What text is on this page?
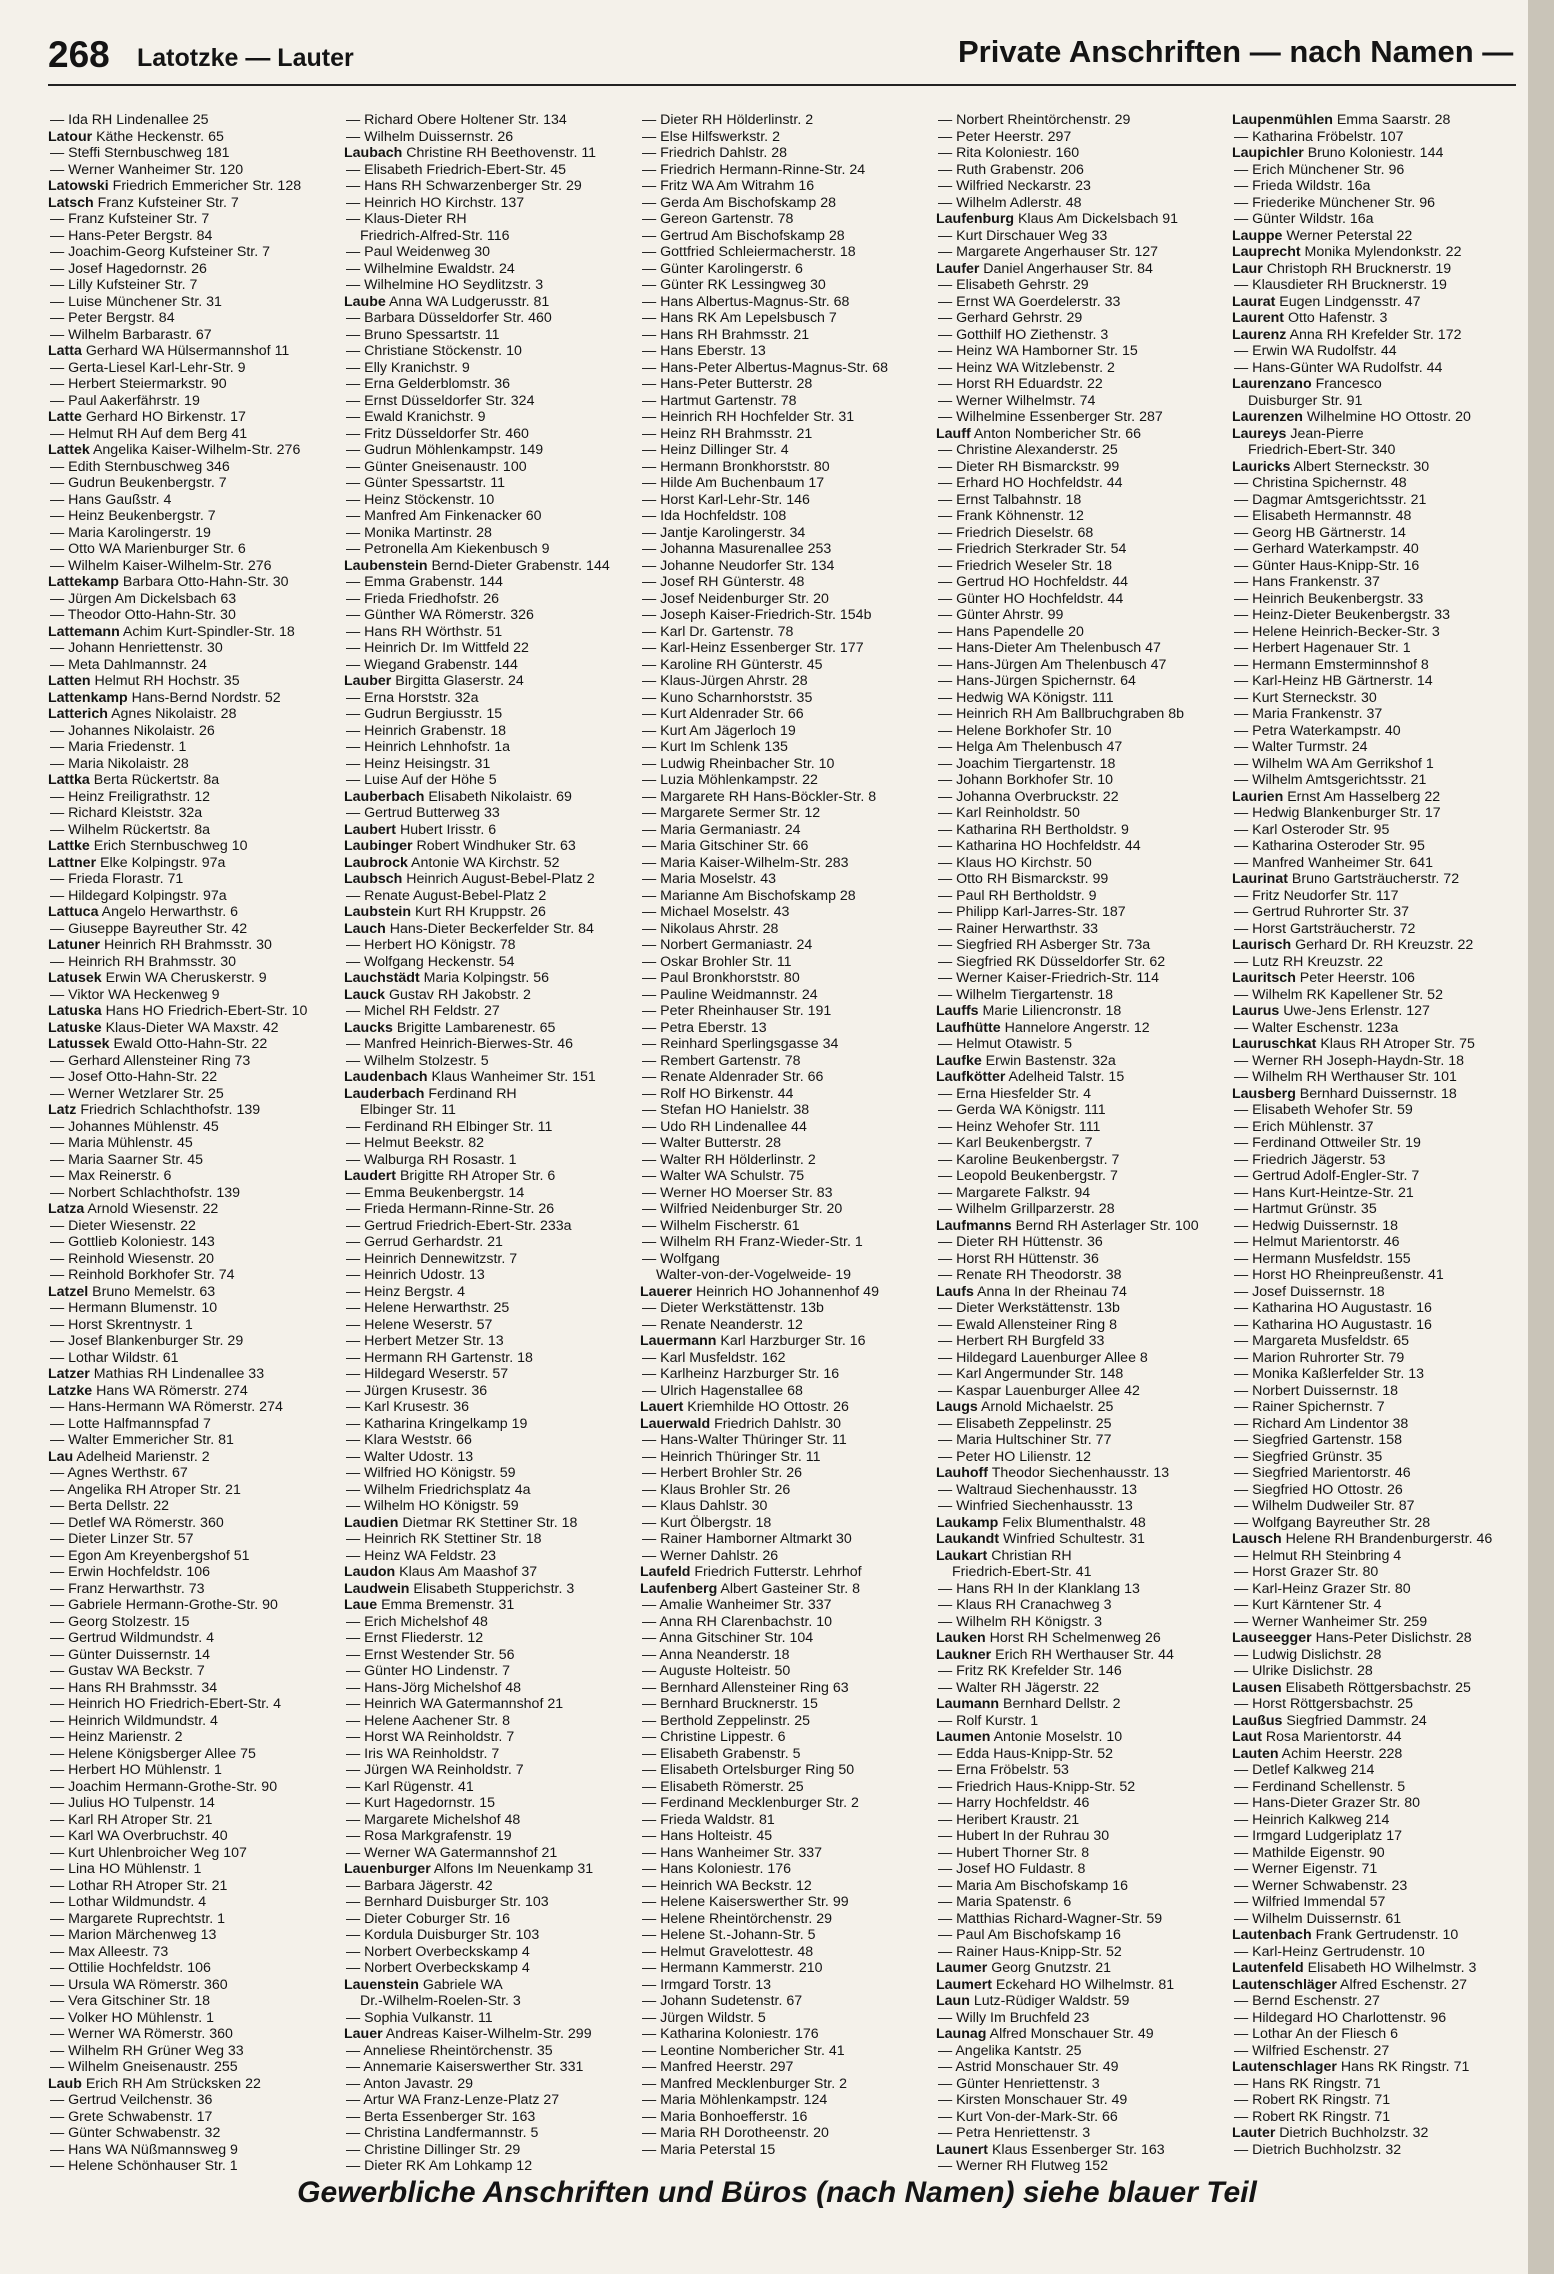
268 Latotzke — Lauter	Private Anschriften — nach Namen —
— Ida RH Lindenallee 25
Latour Käthe Heckenstr. 65
— Steffi Sternbuschweg 181
— Werner Wanheimer Str. 120
Latowski Friedrich Emmericher Str. 128
Latsch Franz Kufsteiner Str. 7
— Franz Kufsteiner Str. 7
— Hans-Peter Bergstr. 84
— Joachim-Georg Kufsteiner Str. 7
— Josef Hagedornstr. 26
— Lilly Kufsteiner Str. 7
— Luise Münchener Str. 31
— Peter Bergstr. 84
— Wilhelm Barbarastr. 67
Latta Gerhard WA Hülsermannshof 11
— Gerta-Liesel Karl-Lehr-Str. 9
— Herbert Steiermarkstr. 90
— Paul Aakerfährstr. 19
Latte Gerhard HO Birkenstr. 17
— Helmut RH Auf dem Berg 41
Lattek Angelika Kaiser-Wilhelm-Str. 276
— Edith Sternbuschweg 346
— Gudrun Beukenbergstr. 7
— Hans Gaußstr. 4
— Heinz Beukenbergstr. 7
— Maria Karolingerstr. 19
— Otto WA Marienburger Str. 6
— Wilhelm Kaiser-Wilhelm-Str. 276
Lattekamp Barbara Otto-Hahn-Str. 30
— Jürgen Am Dickelsbach 63
— Theodor Otto-Hahn-Str. 30
Lattemann Achim Kurt-Spindler-Str. 18
— Johann Henriettenstr. 30
— Meta Dahlmannstr. 24
Latten Helmut RH Hochstr. 35
Lattenkamp Hans-Bernd Nordstr. 52
Latterich Agnes Nikolaistr. 28
— Johannes Nikolaistr. 26
— Maria Friedenstr. 1
— Maria Nikolaistr. 28
Lattka Berta Rückertstr. 8a
— Heinz Freiligrathstr. 12
— Richard Kleiststr. 32a
— Wilhelm Rückertstr. 8a
Lattke Erich Sternbuschweg 10
Lattner Elke Kolpingstr. 97a
— Frieda Florastr. 71
— Hildegard Kolpingstr. 97a
Lattuca Angelo Herwarthstr. 6
— Giuseppe Bayreuther Str. 42
Latuner Heinrich RH Brahmsstr. 30
— Heinrich RH Brahmsstr. 30
Latusek Erwin WA Cheruskerstr. 9
— Viktor WA Heckenweg 9
Latuska Hans HO Friedrich-Ebert-Str. 10
Latuske Klaus-Dieter WA Maxstr. 42
Latussek Ewald Otto-Hahn-Str. 22
— Gerhard Allensteiner Ring 73
— Josef Otto-Hahn-Str. 22
— Werner Wetzlarer Str. 25
Latz Friedrich Schlachthofstr. 139
— Johannes Mühlenstr. 45
— Maria Mühlenstr. 45
— Maria Saarner Str. 45
— Max Reinerstr. 6
— Norbert Schlachthofstr. 139
Latza Arnold Wiesenstr. 22
— Dieter Wiesenstr. 22
— Gottlieb Koloniestr. 143
— Reinhold Wiesenstr. 20
— Reinhold Borkhofer Str. 74
Latzel Bruno Memelstr. 63
— Hermann Blumenstr. 10
— Horst Skrentnystr. 1
— Josef Blankenburger Str. 29
— Lothar Wildstr. 61
Latzer Mathias RH Lindenallee 33
Latzke Hans WA Römerstr. 274
— Hans-Hermann WA Römerstr. 274
— Lotte Halfmannspfad 7
— Walter Emmericher Str. 81
Lau Adelheid Marienstr. 2
— Agnes Werthstr. 67
— Angelika RH Atroper Str. 21
— Berta Dellstr. 22
— Detlef WA Römerstr. 360
— Dieter Linzer Str. 57
— Egon Am Kreyenbergshof 51
— Erwin Hochfeldstr. 106
— Franz Herwarthstr. 73
— Gabriele Hermann-Grothe-Str. 90
— Georg Stolzestr. 15
— Gertrud Wildmundstr. 4
— Günter Duissernstr. 14
— Gustav WA Beckstr. 7
— Hans RH Brahmsstr. 34
— Heinrich HO Friedrich-Ebert-Str. 4
— Heinrich Wildmundstr. 4
— Heinz Marienstr. 2
— Helene Königsberger Allee 75
— Herbert HO Mühlenstr. 1
— Joachim Hermann-Grothe-Str. 90
— Julius HO Tulpenstr. 14
— Karl RH Atroper Str. 21
— Karl WA Overbruchstr. 40
— Kurt Uhlenbroicher Weg 107
— Lina HO Mühlenstr. 1
— Lothar RH Atroper Str. 21
— Lothar Wildmundstr. 4
— Margarete Ruprechtstr. 1
— Marion Märchenweg 13
— Max Alleestr. 73
— Ottilie Hochfeldstr. 106
— Ursula WA Römerstr. 360
— Vera Gitschiner Str. 18
— Volker HO Mühlenstr. 1
— Werner WA Römerstr. 360
— Wilhelm RH Grüner Weg 33
— Wilhelm Gneisenaustr. 255
Laub Erich RH Am Strücksken 22
— Gertrud Veilchenstr. 36
— Grete Schwabenstr. 17
— Günter Schwabenstr. 32
— Hans WA Nüßmannsweg 9
— Helene Schönhauser Str. 1
— Richard Obere Holtener Str. 134
— Wilhelm Duissernstr. 26
Laubach Christine RH Beethovenstr. 11
— Elisabeth Friedrich-Ebert-Str. 45
— Hans RH Schwarzenberger Str. 29
— Heinrich HO Kirchstr. 137
— Klaus-Dieter RH
Friedrich-Alfred-Str. 116
— Paul Weidenweg 30
— Wilhelmine Ewaldstr. 24
— Wilhelmine HO Seydlitzstr. 3
Laube Anna WA Ludgerusstr. 81
— Barbara Düsseldorfer Str. 460
— Bruno Spessartstr. 11
— Christiane Stöckenstr. 10
— Elly Kranichstr. 9
— Erna Gelderblomstr. 36
— Ernst Düsseldorfer Str. 324
— Ewald Kranichstr. 9
— Fritz Düsseldorfer Str. 460
— Gudrun Möhlenkampstr. 149
— Günter Gneisenaustr. 100
— Günter Spessartstr. 11
— Heinz Stöckenstr. 10
— Manfred Am Finkenacker 60
— Monika Martinstr. 28
— Petronella Am Kiekenbusch 9
Laubenstein Bernd-Dieter Grabenstr. 144
— Emma Grabenstr. 144
— Frieda Friedhofstr. 26
— Günther WA Römerstr. 326
— Hans RH Wörthstr. 51
— Heinrich Dr. Im Wittfeld 22
— Wiegand Grabenstr. 144
Lauber Birgitta Glaserstr. 24
— Erna Horststr. 32a
— Gudrun Bergiusstr. 15
— Heinrich Grabenstr. 18
— Heinrich Lehnhofstr. 1a
— Heinz Heisingstr. 31
— Luise Auf der Höhe 5
Lauberbach Elisabeth Nikolaistr. 69
— Gertrud Butterweg 33
Laubert Hubert Irisstr. 6
Laubinger Robert Windhuker Str. 63
Laubrock Antonie WA Kirchstr. 52
Laubsch Heinrich August-Bebel-Platz 2
— Renate August-Bebel-Platz 2
Laubstein Kurt RH Kruppstr. 26
Lauch Hans-Dieter Beckerfelder Str. 84
— Herbert HO Königstr. 78
— Wolfgang Heckenstr. 54
Lauchstädt Maria Kolpingstr. 56
Lauck Gustav RH Jakobstr. 2
— Michel RH Feldstr. 27
Laucks Brigitte Lambarenestr. 65
— Manfred Heinrich-Bierwes-Str. 46
— Wilhelm Stolzestr. 5
Laudenbach Klaus Wanheimer Str. 151
Lauderbach Ferdinand RH
Elbinger Str. 11
— Ferdinand RH Elbinger Str. 11
— Helmut Beekstr. 82
— Walburga RH Rosastr. 1
Laudert Brigitte RH Atroper Str. 6
— Emma Beukenbergstr. 14
— Frieda Hermann-Rinne-Str. 26
— Gertrud Friedrich-Ebert-Str. 233a
— Gerrud Gerhardstr. 21
— Heinrich Dennewitzstr. 7
— Heinrich Udostr. 13
— Heinz Bergstr. 4
— Helene Herwarthstr. 25
— Helene Weserstr. 57
— Herbert Metzer Str. 13
— Hermann RH Gartenstr. 18
— Hildegard Weserstr. 57
— Jürgen Krusestr. 36
— Karl Krusestr. 36
— Katharina Kringelkamp 19
— Klara Weststr. 66
— Walter Udostr. 13
— Wilfried HO Königstr. 59
— Wilhelm Friedrichsplatz 4a
— Wilhelm HO Königstr. 59
Laudien Dietmar RK Stettiner Str. 18
— Heinrich RK Stettiner Str. 18
— Heinz WA Feldstr. 23
Laudon Klaus Am Maashof 37
Laudwein Elisabeth Stupperichstr. 3
Laue Emma Bremenstr. 31
— Erich Michelshof 48
— Ernst Fliederstr. 12
— Ernst Westender Str. 56
— Günter HO Lindenstr. 7
— Hans-Jörg Michelshof 48
— Heinrich WA Gatermannshof 21
— Helene Aachener Str. 8
— Horst WA Reinholdstr. 7
— Iris WA Reinholdstr. 7
— Jürgen WA Reinholdstr. 7
— Karl Rügenstr. 41
— Kurt Hagedornstr. 15
— Margarete Michelshof 48
— Rosa Markgrafenstr. 19
— Werner WA Gatermannshof 21
Lauenburger Alfons Im Neuenkamp 31
— Barbara Jägerstr. 42
— Bernhard Duisburger Str. 103
— Dieter Coburger Str. 16
— Kordula Duisburger Str. 103
— Norbert Overbeckskamp 4
— Norbert Overbeckskamp 4
Lauenstein Gabriele WA
Dr.-Wilhelm-Roelen-Str. 3
— Sophia Vulkanstr. 11
Lauer Andreas Kaiser-Wilhelm-Str. 299
— Anneliese Rheintörchenstr. 35
— Annemarie Kaiserswerther Str. 331
— Anton Javastr. 29
— Artur WA Franz-Lenze-Platz 27
— Berta Essenberger Str. 163
— Christina Landfermannstr. 5
— Christine Dillinger Str. 29
— Dieter RK Am Lohkamp 12
— Dieter RH Hölderlinstr. 2
— Else Hilfswerkstr. 2
— Friedrich Dahlstr. 28
— Friedrich Hermann-Rinne-Str. 24
— Fritz WA Am Witrahm 16
— Gerda Am Bischofskamp 28
— Gereon Gartenstr. 78
— Gertrud Am Bischofskamp 28
— Gottfried Schleiermacherstr. 18
— Günter Karolingerstr. 6
— Günter RK Lessingweg 30
— Hans Albertus-Magnus-Str. 68
— Hans RK Am Lepelsbusch 7
— Hans RH Brahmsstr. 21
— Hans Eberstr. 13
— Hans-Peter Albertus-Magnus-Str. 68
— Hans-Peter Butterstr. 28
— Hartmut Gartenstr. 78
— Heinrich RH Hochfelder Str. 31
— Heinz RH Brahmsstr. 21
— Heinz Dillinger Str. 4
— Hermann Bronkhorststr. 80
— Hilde Am Buchenbaum 17
— Horst Karl-Lehr-Str. 146
— Ida Hochfeldstr. 108
— Jantje Karolingerstr. 34
— Johanna Masurenallee 253
— Johanne Neudorfer Str. 134
— Josef RH Günterstr. 48
— Josef Neidenburger Str. 20
— Joseph Kaiser-Friedrich-Str. 154b
— Karl Dr. Gartenstr. 78
— Karl-Heinz Essenberger Str. 177
— Karoline RH Günterstr. 45
— Klaus-Jürgen Ahrstr. 28
— Kuno Scharnhorststr. 35
— Kurt Aldenrader Str. 66
— Kurt Am Jägerloch 19
— Kurt Im Schlenk 135
— Ludwig Rheinbacher Str. 10
— Luzia Möhlenkampstr. 22
— Margarete RH Hans-Böckler-Str. 8
— Margarete Sermer Str. 12
— Maria Germaniastr. 24
— Maria Gitschiner Str. 66
— Maria Kaiser-Wilhelm-Str. 283
— Maria Moselstr. 43
— Marianne Am Bischofskamp 28
— Michael Moselstr. 43
— Nikolaus Ahrstr. 28
— Norbert Germaniastr. 24
— Oskar Brohler Str. 11
— Paul Bronkhorststr. 80
— Pauline Weidmannstr. 24
— Peter Rheinhauser Str. 191
— Petra Eberstr. 13
— Reinhard Sperlingsgasse 34
— Rembert Gartenstr. 78
— Renate Aldenrader Str. 66
— Rolf HO Birkenstr. 44
— Stefan HO Hanielstr. 38
— Udo RH Lindenallee 44
— Walter Butterstr. 28
— Walter RH Hölderlinstr. 2
— Walter WA Schulstr. 75
— Werner HO Moerser Str. 83
— Wilfried Neidenburger Str. 20
— Wilhelm Fischerstr. 61
— Wilhelm RH Franz-Wieder-Str. 1
— Wolfgang
Walter-von-der-Vogelweide- 19
Lauerer Heinrich HO Johannenhof 49
— Dieter Werkstättenstr. 13b
— Renate Neanderstr. 12
Lauermann Karl Harzburger Str. 16
— Karl Musfeldstr. 162
— Karlheinz Harzburger Str. 16
— Ulrich Hagenstallee 68
Lauert Kriemhilde HO Ottostr. 26
Lauerwald Friedrich Dahlstr. 30
— Hans-Walter Thüringer Str. 11
— Heinrich Thüringer Str. 11
— Herbert Brohler Str. 26
— Klaus Brohler Str. 26
— Klaus Dahlstr. 30
— Kurt Ölbergstr. 18
— Rainer Hamborner Altmarkt 30
— Werner Dahlstr. 26
Laufeld Friedrich Futterstr. Lehrhof
Laufenberg Albert Gasteiner Str. 8
— Amalie Wanheimer Str. 337
— Anna RH Clarenbachstr. 10
— Anna Gitschiner Str. 104
— Anna Neanderstr. 18
— Auguste Holteistr. 50
— Bernhard Allensteiner Ring 63
— Bernhard Brucknerstr. 15
— Berthold Zeppelinstr. 25
— Christine Lippestr. 6
— Elisabeth Grabenstr. 5
— Elisabeth Ortelsburger Ring 50
— Elisabeth Römerstr. 25
— Ferdinand Mecklenburger Str. 2
— Frieda Waldstr. 81
— Hans Holteistr. 45
— Hans Wanheimer Str. 337
— Hans Koloniestr. 176
— Heinrich WA Beckstr. 12
— Helene Kaiserswerther Str. 99
— Helene Rheintörchenstr. 29
— Helene St.-Johann-Str. 5
— Helmut Gravelottestr. 48
— Hermann Kammerstr. 210
— Irmgard Torstr. 13
— Johann Sudetenstr. 67
— Jürgen Wildstr. 5
— Katharina Koloniestr. 176
— Leontine Nombericher Str. 41
— Manfred Heerstr. 297
— Manfred Mecklenburger Str. 2
— Maria Möhlenkampstr. 124
— Maria Bonhoefferstr. 16
— Maria RH Dorotheenstr. 20
— Maria Peterstal 15
— Norbert Rheintörchenstr. 29
— Peter Heerstr. 297
— Rita Koloniestr. 160
— Ruth Grabenstr. 206
— Wilfried Neckarstr. 23
— Wilhelm Adlerstr. 48
Laufenburg Klaus Am Dickelsbach 91
— Kurt Dirschauer Weg 33
— Margarete Angerhauser Str. 127
Laufer Daniel Angerhauser Str. 84
— Elisabeth Gehrstr. 29
— Ernst WA Goerdelerstr. 33
— Gerhard Gehrstr. 29
— Gotthilf HO Ziethenstr. 3
— Heinz WA Hamborner Str. 15
— Heinz WA Witzlebenstr. 2
— Horst RH Eduardstr. 22
— Werner Wilhelmstr. 74
— Wilhelmine Essenberger Str. 287
Lauff Anton Nombericher Str. 66
— Christine Alexanderstr. 25
— Dieter RH Bismarckstr. 99
— Erhard HO Hochfeldstr. 44
— Ernst Talbahnstr. 18
— Frank Köhnenstr. 12
— Friedrich Dieselstr. 68
— Friedrich Sterkrader Str. 54
— Friedrich Weseler Str. 18
— Gertrud HO Hochfeldstr. 44
— Günter HO Hochfeldstr. 44
— Günter Ahrstr. 99
— Hans Papendelle 20
— Hans-Dieter Am Thelenbusch 47
— Hans-Jürgen Am Thelenbusch 47
— Hans-Jürgen Spichernstr. 64
— Hedwig WA Königstr. 111
— Heinrich RH Am Ballbruchgraben 8b
— Helene Borkhofer Str. 10
— Helga Am Thelenbusch 47
— Joachim Tiergartenstr. 18
— Johann Borkhofer Str. 10
— Johanna Overbruckstr. 22
— Karl Reinholdstr. 50
— Katharina RH Bertholdstr. 9
— Katharina HO Hochfeldstr. 44
— Klaus HO Kirchstr. 50
— Otto RH Bismarckstr. 99
— Paul RH Bertholdstr. 9
— Philipp Karl-Jarres-Str. 187
— Rainer Herwarthstr. 33
— Siegfried RH Asberger Str. 73a
— Siegfried RK Düsseldorfer Str. 62
— Werner Kaiser-Friedrich-Str. 114
— Wilhelm Tiergartenstr. 18
Lauffs Marie Liliencronstr. 18
Laufhütte Hannelore Angerstr. 12
— Helmut Otawistr. 5
Laufke Erwin Bastenstr. 32a
Laufkötter Adelheid Talstr. 15
— Erna Hiesfelder Str. 4
— Gerda WA Königstr. 111
— Heinz Wehofer Str. 111
— Karl Beukenbergstr. 7
— Karoline Beukenbergstr. 7
— Leopold Beukenbergstr. 7
— Margarete Falkstr. 94
— Wilhelm Grillparzerstr. 28
Laufmanns Bernd RH Asterlager Str. 100
— Dieter RH Hüttenstr. 36
— Horst RH Hüttenstr. 36
— Renate RH Theodorstr. 38
Laufs Anna In der Rheinau 74
— Dieter Werkstättenstr. 13b
— Ewald Allensteiner Ring 8
— Herbert RH Burgfeld 33
— Hildegard Lauenburger Allee 8
— Karl Angermunder Str. 148
— Kaspar Lauenburger Allee 42
Laugs Arnold Michaelstr. 25
— Elisabeth Zeppelinstr. 25
— Maria Hultschiner Str. 77
— Peter HO Lilienstr. 12
Lauhoff Theodor Siechenhausstr. 13
— Waltraud Siechenhausstr. 13
— Winfried Siechenhausstr. 13
Laukamp Felix Blumenthalstr. 48
Laukandt Winfried Schultestr. 31
Laukart Christian RH
Friedrich-Ebert-Str. 41
— Hans RH In der Klanklang 13
— Klaus RH Cranachweg 3
— Wilhelm RH Königstr. 3
Lauken Horst RH Schelmenweg 26
Laukner Erich RH Werthauser Str. 44
— Fritz RK Krefelder Str. 146
— Walter RH Jägerstr. 22
Laumann Bernhard Dellstr. 2
— Rolf Kurstr. 1
Laumen Antonie Moselstr. 10
— Edda Haus-Knipp-Str. 52
— Erna Fröbelstr. 53
— Friedrich Haus-Knipp-Str. 52
— Harry Hochfeldstr. 46
— Heribert Kraustr. 21
— Hubert In der Ruhrau 30
— Hubert Thorner Str. 8
— Josef HO Fuldastr. 8
— Maria Am Bischofskamp 16
— Maria Spatenstr. 6
— Matthias Richard-Wagner-Str. 59
— Paul Am Bischofskamp 16
— Rainer Haus-Knipp-Str. 52
Laumer Georg Gnutzstr. 21
Laumert Eckehard HO Wilhelmstr. 81
Laun Lutz-Rüdiger Waldstr. 59
— Willy Im Bruchfeld 23
Launag Alfred Monschauer Str. 49
— Angelika Kantstr. 25
— Astrid Monschauer Str. 49
— Günter Henriettenstr. 3
— Kirsten Monschauer Str. 49
— Kurt Von-der-Mark-Str. 66
— Petra Henriettenstr. 3
Launert Klaus Essenberger Str. 163
— Werner RH Flutweg 152
Laupenmühlen Emma Saarstr. 28
— Katharina Fröbelstr. 107
Laupichler Bruno Koloniestr. 144
— Erich Münchener Str. 96
— Frieda Wildstr. 16a
— Friederike Münchener Str. 96
— Günter Wildstr. 16a
Lauppe Werner Peterstal 22
Lauprecht Monika Mylendonkstr. 22
Laur Christoph RH Brucknerstr. 19
— Klausdieter RH Brucknerstr. 19
Laurat Eugen Lindgensstr. 47
Laurent Otto Hafenstr. 3
Laurenz Anna RH Krefelder Str. 172
— Erwin WA Rudolfstr. 44
— Hans-Günter WA Rudolfstr. 44
Laurenzano Francesco
Duisburger Str. 91
Laurenzen Wilhelmine HO Ottostr. 20
Laureys Jean-Pierre
Friedrich-Ebert-Str. 340
Lauricks Albert Sterneckstr. 30
— Christina Spichernstr. 48
— Dagmar Amtsgerichtsstr. 21
— Elisabeth Hermannstr. 48
— Georg HB Gärtnerstr. 14
— Gerhard Waterkampstr. 40
— Günter Haus-Knipp-Str. 16
— Hans Frankenstr. 37
— Heinrich Beukenbergstr. 33
— Heinz-Dieter Beukenbergstr. 33
— Helene Heinrich-Becker-Str. 3
— Herbert Hagenauer Str. 1
— Hermann Emsterminnshof 8
— Karl-Heinz HB Gärtnerstr. 14
— Kurt Sterneckstr. 30
— Maria Frankenstr. 37
— Petra Waterkampstr. 40
— Walter Turmstr. 24
— Wilhelm WA Am Gerrikshof 1
— Wilhelm Amtsgerichtsstr. 21
Laurien Ernst Am Hasselberg 22
— Hedwig Blankenburger Str. 17
— Karl Osteroder Str. 95
— Katharina Osteroder Str. 95
— Manfred Wanheimer Str. 641
Laurinat Bruno Gartsträucherstr. 72
— Fritz Neudorfer Str. 117
— Gertrud Ruhrorter Str. 37
— Horst Gartsträucherstr. 72
Laurisch Gerhard Dr. RH Kreuzstr. 22
— Lutz RH Kreuzstr. 22
Lauritsch Peter Heerstr. 106
— Wilhelm RK Kapellener Str. 52
Laurus Uwe-Jens Erlenstr. 127
— Walter Eschenstr. 123a
Lauruschkat Klaus RH Atroper Str. 75
— Werner RH Joseph-Haydn-Str. 18
— Wilhelm RH Werthauser Str. 101
Lausberg Bernhard Duissernstr. 18
— Elisabeth Wehofer Str. 59
— Erich Mühlenstr. 37
— Ferdinand Ottweiler Str. 19
— Friedrich Jägerstr. 53
— Gertrud Adolf-Engler-Str. 7
— Hans Kurt-Heintze-Str. 21
— Hartmut Grünstr. 35
— Hedwig Duissernstr. 18
— Helmut Marientorstr. 46
— Hermann Musfeldstr. 155
— Horst HO Rheinpreußenstr. 41
— Josef Duissernstr. 18
— Katharina HO Augustastr. 16
— Katharina HO Augustastr. 16
— Margareta Musfeldstr. 65
— Marion Ruhrorter Str. 79
— Monika Kaßlerfelder Str. 13
— Norbert Duissernstr. 18
— Rainer Spichernstr. 7
— Richard Am Lindentor 38
— Siegfried Gartenstr. 158
— Siegfried Grünstr. 35
— Siegfried Marientorstr. 46
— Siegfried HO Ottostr. 26
— Wilhelm Dudweiler Str. 87
— Wolfgang Bayreuther Str. 28
Lausch Helene RH Brandenburgerstr. 46
— Helmut RH Steinbring 4
— Horst Grazer Str. 80
— Karl-Heinz Grazer Str. 80
— Kurt Kärntener Str. 4
— Werner Wanheimer Str. 259
Lauseegger Hans-Peter Dislichstr. 28
— Ludwig Dislichstr. 28
— Ulrike Dislichstr. 28
Lausen Elisabeth Röttgersbachstr. 25
— Horst Röttgersbachstr. 25
Laußus Siegfried Dammstr. 24
Laut Rosa Marientorstr. 44
Lauten Achim Heerstr. 228
— Detlef Kalkweg 214
— Ferdinand Schellenstr. 5
— Hans-Dieter Grazer Str. 80
— Heinrich Kalkweg 214
— Irmgard Ludgeriplatz 17
— Mathilde Eigenstr. 90
— Werner Eigenstr. 71
— Werner Schwabenstr. 23
— Wilfried Immendal 57
— Wilhelm Duissernstr. 61
Lautenbach Frank Gertrudenstr. 10
— Karl-Heinz Gertrudenstr. 10
Lautenfeld Elisabeth HO Wilhelmstr. 3
Lautenschläger Alfred Eschenstr. 27
— Bernd Eschenstr. 27
— Hildegard HO Charlottenstr. 96
— Lothar An der Fliesch 6
— Wilfried Eschenstr. 27
Lautenschlager Hans RK Ringstr. 71
— Hans RK Ringstr. 71
— Robert RK Ringstr. 71
— Robert RK Ringstr. 71
Lauter Dietrich Buchholzstr. 32
— Dietrich Buchholzstr. 32
Gewerbliche Anschriften und Büros (nach Namen) siehe blauer Teil
